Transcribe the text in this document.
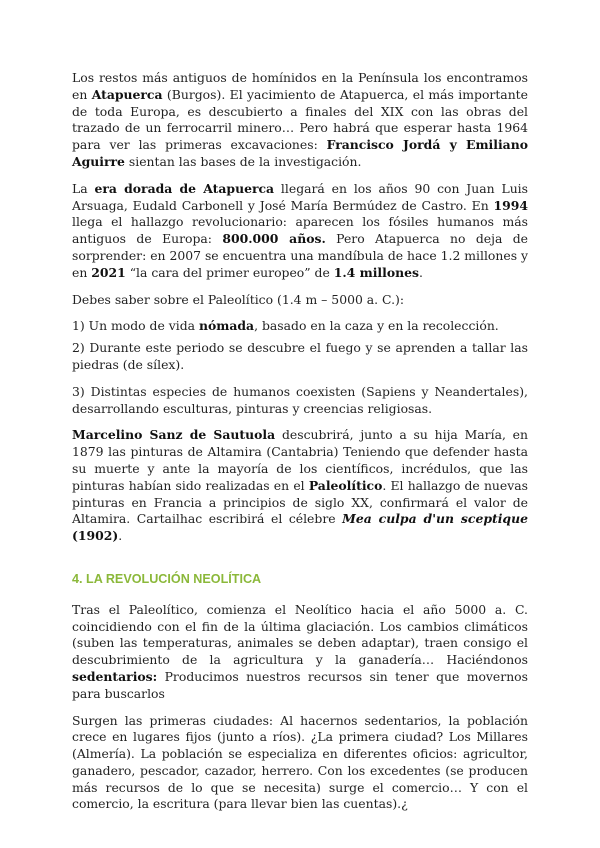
Los restos más antiguos de homínidos en la Península los encontramos en Atapuerca (Burgos). El yacimiento de Atapuerca, el más importante de toda Europa, es descubierto a finales del XIX con las obras del trazado de un ferrocarril minero… Pero habrá que esperar hasta 1964 para ver las primeras excavaciones: Francisco Jordá y Emiliano Aguirre sientan las bases de la investigación.

La era dorada de Atapuerca llegará en los años 90 con Juan Luis Arsuaga, Eudald Carbonell y José María Bermúdez de Castro. En 1994 llega el hallazgo revolucionario: aparecen los fósiles humanos más antiguos de Europa: 800.000 años. Pero Atapuerca no deja de sorprender: en 2007 se encuentra una mandíbula de hace 1.2 millones y en 2021 “la cara del primer europeo” de 1.4 millones.

Debes saber sobre el Paleolítico (1.4 m – 5000 a. C.):

1) Un modo de vida nómada, basado en la caza y en la recolección.

2) Durante este periodo se descubre el fuego y se aprenden a tallar las piedras (de sílex).

3) Distintas especies de humanos coexisten (Sapiens y Neandertales), desarrollando esculturas, pinturas y creencias religiosas.

Marcelino Sanz de Sautuola descubrirá, junto a su hija María, en 1879 las pinturas de Altamira (Cantabria) Teniendo que defender hasta su muerte y ante la mayoría de los científicos, incrédulos, que las pinturas habían sido realizadas en el Paleolítico. El hallazgo de nuevas pinturas en Francia a principios de siglo XX, confirmará el valor de Altamira. Cartailhac escribirá el célebre Mea culpa d'un sceptique (1902).

4. LA REVOLUCIÓN NEOLÍTICA

Tras el Paleolítico, comienza el Neolítico hacia el año 5000 a. C. coincidiendo con el fin de la última glaciación. Los cambios climáticos (suben las temperaturas, animales se deben adaptar), traen consigo el descubrimiento de la agricultura y la ganadería… Haciéndonos sedentarios: Producimos nuestros recursos sin tener que movernos para buscarlos

Surgen las primeras ciudades: Al hacernos sedentarios, la población crece en lugares fijos (junto a ríos). ¿La primera ciudad? Los Millares (Almería). La población se especializa en diferentes oficios: agricultor, ganadero, pescador, cazador, herrero. Con los excedentes (se producen más recursos de lo que se necesita) surge el comercio… Y con el comercio, la escritura (para llevar bien las cuentas).¿
